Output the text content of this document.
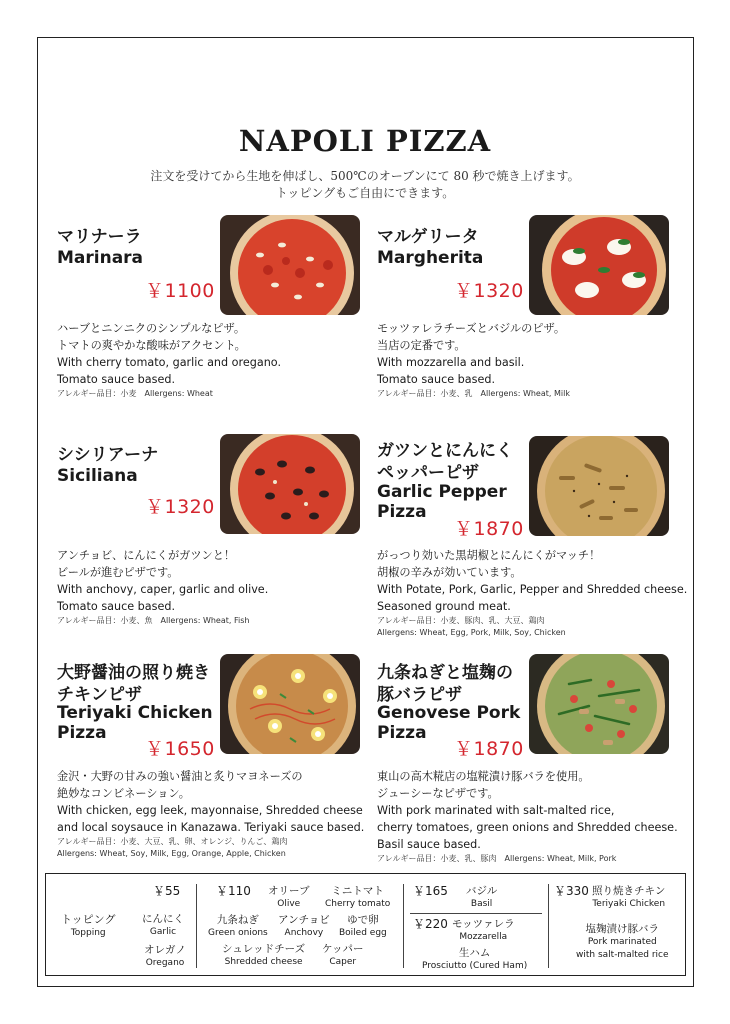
NAPOLI PIZZA
注文を受けてから生地を伸ばし、500℃のオーブンにて 80 秒で焼き上げます。
トッピングもご自由にできます。
マリナーラ
Marinara
￥1100
ハーブとニンニクのシンプルなピザ。
トマトの爽やかな酸味がアクセント。
With cherry tomato, garlic and oregano.
Tomato sauce based.
アレルギー品目：小麦　Allergens: Wheat
マルゲリータ
Margherita
￥1320
モッツァレラチーズとバジルのピザ。
当店の定番です。
With mozzarella and basil.
Tomato sauce based.
アレルギー品目：小麦、乳　Allergens: Wheat, Milk
シシリアーナ
Siciliana
￥1320
アンチョビ、にんにくがガツンと！
ビールが進むピザです。
With anchovy, caper, garlic and olive.
Tomato sauce based.
アレルギー品目：小麦、魚　Allergens: Wheat, Fish
ガツンとにんにく
ペッパーピザ
Garlic Pepper
Pizza
￥1870
がっつり効いた黒胡椒とにんにくがマッチ！
胡椒の辛みが効いています。
With Potate, Pork, Garlic, Pepper and Shredded cheese.
Seasoned ground meat.
アレルギー品目：小麦、豚肉、乳、大豆、鶏肉
Allergens: Wheat, Egg, Pork, Milk, Soy, Chicken
大野醤油の照り焼き
チキンピザ
Teriyaki Chicken
Pizza
￥1650
金沢・大野の甘みの強い醤油と炙りマヨネーズの
絶妙なコンビネーション。
With chicken, egg leek, mayonnaise, Shredded cheese
and local soysauce in Kanazawa. Teriyaki sauce based.
アレルギー品目：小麦、大豆、乳、卵、オレンジ、りんご、鶏肉
Allergens: Wheat, Soy, Milk, Egg, Orange, Apple, Chicken
九条ねぎと塩麹の
豚バラピザ
Genovese Pork
Pizza
￥1870
東山の高木糀店の塩糀漬け豚バラを使用。
ジューシーなピザです。
With pork marinated with salt-malted rice,
cherry tomatoes, green onions and Shredded cheese.
Basil sauce based.
アレルギー品目：小麦、乳、豚肉　Allergens: Wheat, Milk, Pork
トッピング
Topping
￥55
にんにく
Garlic
オレガノ
Oregano
￥110 オリーブ
Olive
ミニトマト
Cherry tomato
九条ねぎ
Green onions
アンチョビ
Anchovy
ゆで卵
Boiled egg
シュレッドチーズ
Shredded cheese
ケッパー
Caper
￥165 バジル
Basil
￥220 モッツァレラ
Mozzarella
生ハム
Prosciutto (Cured Ham)
￥330 照り焼きチキン
Teriyaki Chicken
塩麹漬け豚バラ
Pork marinated
with salt-malted rice
